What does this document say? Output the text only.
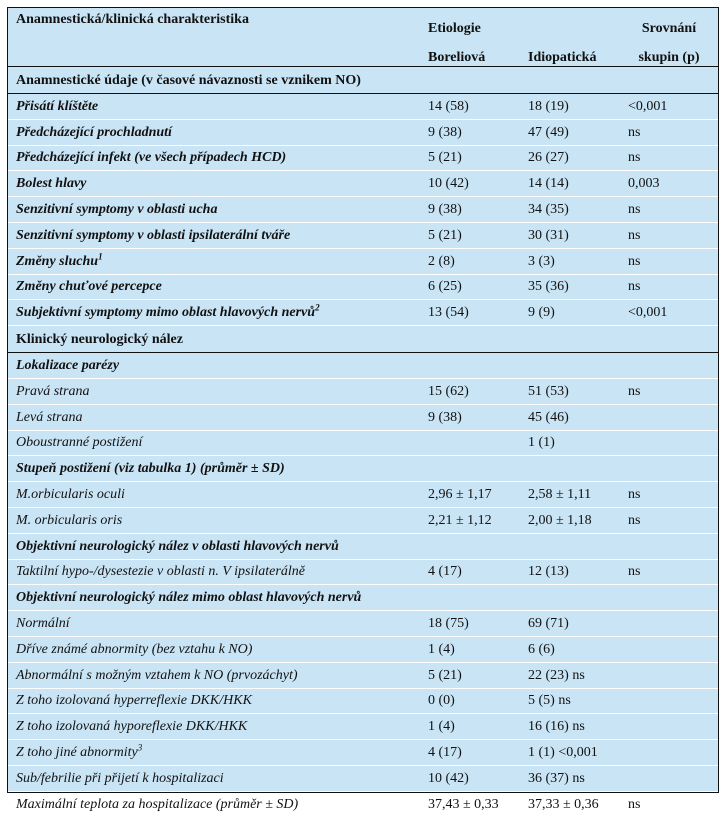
Anamnestická/klinická charakteristika	Etiologie		Srovnání
	Boreliová	Idiopatická	skupin (p)
Anamnestické údaje (v časové návaznosti se vznikem NO)			
Přisátí klíštěte	14 (58)	18 (19)	<0,001
Předcházející prochladnutí	9 (38)	47 (49)	ns
Předcházející infekt (ve všech případech HCD)	5 (21)	26 (27)	ns
Bolest hlavy	10 (42)	14 (14)	0,003
Senzitivní symptomy v oblasti ucha	9 (38)	34 (35)	ns
Senzitivní symptomy v oblasti ipsilaterální tváře	5 (21)	30 (31)	ns
Změny sluchu$^1$	2 (8)	3 (3)	ns
Změny chuťové percepce	6 (25)	35 (36)	ns
Subjektivní symptomy mimo oblast hlavových nervů$^2$	13 (54)	9 (9)	<0,001
Klinický neurologický nález			
Lokalizace parézy			
Pravá strana	15 (62)	51 (53)	ns
Levá strana	9 (38)	45 (46)	
Oboustranné postižení		1 (1)	
Stupeň postižení (viz tabulka 1) (průměr ± SD)			
M.orbicularis oculi	2,96 ± 1,17	2,58 ± 1,11	ns
M. orbicularis oris	2,21 ± 1,12	2,00 ± 1,18	ns
Objektivní neurologický nález v oblasti hlavových nervů			
Taktilní hypo-/dysestezie v oblasti n. V ipsilaterálně	4 (17)	12 (13)	ns
Objektivní neurologický nález mimo oblast hlavových nervů			
Normální	18 (75)	69 (71)	
Dříve známé abnormity (bez vztahu k NO)	1 (4)	6 (6)	
Abnormální s možným vztahem k NO (prvozáchyt)	5 (21)	22 (23) ns	
Z toho izolovaná hyperreflexie DKK/HKK	0 (0)	5 (5) ns	
Z toho izolovaná hyporeflexie DKK/HKK	1 (4)	16 (16) ns	
Z toho jiné abnormity$^3$	4 (17)	1 (1) <0,001	
Sub/febrilie při přijetí k hospitalizaci	10 (42)	36 (37) ns	
Maximální teplota za hospitalizace (průměr ± SD)	37,43 ± 0,33	37,33 ± 0,36	ns
